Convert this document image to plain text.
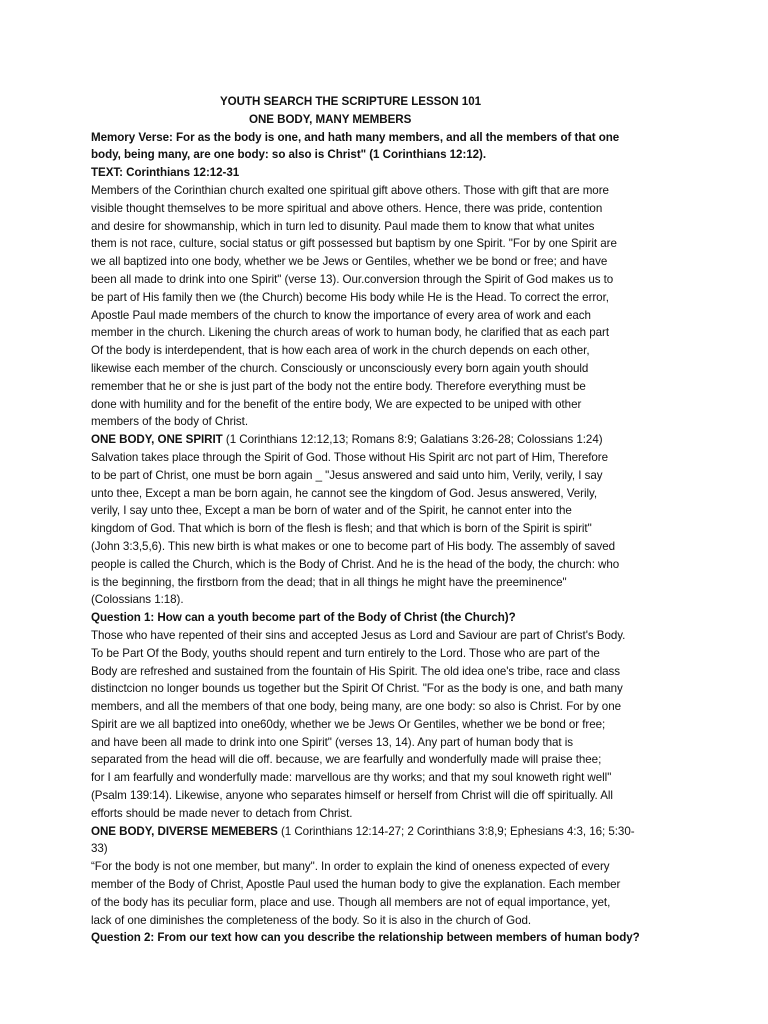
YOUTH SEARCH THE SCRIPTURE LESSON 101
ONE BODY, MANY MEMBERS

Memory Verse: For as the body is one, and hath many members, and all the members of that one
body, being many, are one body: so also is Christ" (1 Corinthians 12:12).

TEXT: Corinthians 12:12-31

Members of the Corinthian church exalted one spiritual gift above others. Those with gift that are more
visible thought themselves to be more spiritual and above others. Hence, there was pride, contention
and desire for showmanship, which in turn led to disunity. Paul made them to know that what unites
them is not race, culture, social status or gift possessed but baptism by one Spirit. "For by one Spirit are
we all baptized into one body, whether we be Jews or Gentiles, whether we be bond or free; and have
been all made to drink into one Spirit" (verse 13). Our.conversion through the Spirit of God makes us to
be part of His family then we (the Church) become His body while He is the Head. To correct the error,
Apostle Paul made members of the church to know the importance of every area of work and each
member in the church. Likening the church areas of work to human body, he clarified that as each part
Of the body is interdependent, that is how each area of work in the church depends on each other,
likewise each member of the church. Consciously or unconsciously every born again youth should
remember that he or she is just part of the body not the entire body. Therefore everything must be
done with humility and for the benefit of the entire body, We are expected to be uniped with other
members of the body of Christ.

ONE BODY, ONE SPIRIT (1 Corinthians 12:12,13; Romans 8:9; Galatians 3:26-28; Colossians 1:24)

Salvation takes place through the Spirit of God. Those without His Spirit arc not part of Him, Therefore
to be part of Christ, one must be born again _ "Jesus answered and said unto him, Verily, verily, I say
unto thee, Except a man be born again, he cannot see the kingdom of God. Jesus answered, Verily,
verily, I say unto thee, Except a man be born of water and of the Spirit, he cannot enter into the
kingdom of God. That which is born of the flesh is flesh; and that which is born of the Spirit is spirit"
(John 3:3,5,6). This new birth is what makes or one to become part of His body. The assembly of saved
people is called the Church, which is the Body of Christ. And he is the head of the body, the church: who
is the beginning, the firstborn from the dead; that in all things he might have the preeminence"
(Colossians 1:18).

Question 1: How can a youth become part of the Body of Christ (the Church)?

Those who have repented of their sins and accepted Jesus as Lord and Saviour are part of Christ's Body.
To be Part Of the Body, youths should repent and turn entirely to the Lord. Those who are part of the
Body are refreshed and sustained from the fountain of His Spirit. The old idea one's tribe, race and class
distinctcion no longer bounds us together but the Spirit Of Christ. "For as the body is one, and bath many
members, and all the members of that one body, being many, are one body: so also is Christ. For by one
Spirit are we all baptized into one60dy, whether we be Jews Or Gentiles, whether we be bond or free;
and have been all made to drink into one Spirit" (verses 13, 14). Any part of human body that is
separated from the head will die off. because, we are fearfully and wonderfully made will praise thee;
for I am fearfully and wonderfully made: marvellous are thy works; and that my soul knoweth right well"
(Psalm 139:14). Likewise, anyone who separates himself or herself from Christ will die off spiritually. All
efforts should be made never to detach from Christ.

ONE BODY, DIVERSE MEMEBERS (1 Corinthians 12:14-27; 2 Corinthians 3:8,9; Ephesians 4:3, 16; 5:30-

33)

“For the body is not one member, but many". In order to explain the kind of oneness expected of every
member of the Body of Christ, Apostle Paul used the human body to give the explanation. Each member
of the body has its peculiar form, place and use. Though all members are not of equal importance, yet,
lack of one diminishes the completeness of the body. So it is also in the church of God.

Question 2: From our text how can you describe the relationship between members of human body?
